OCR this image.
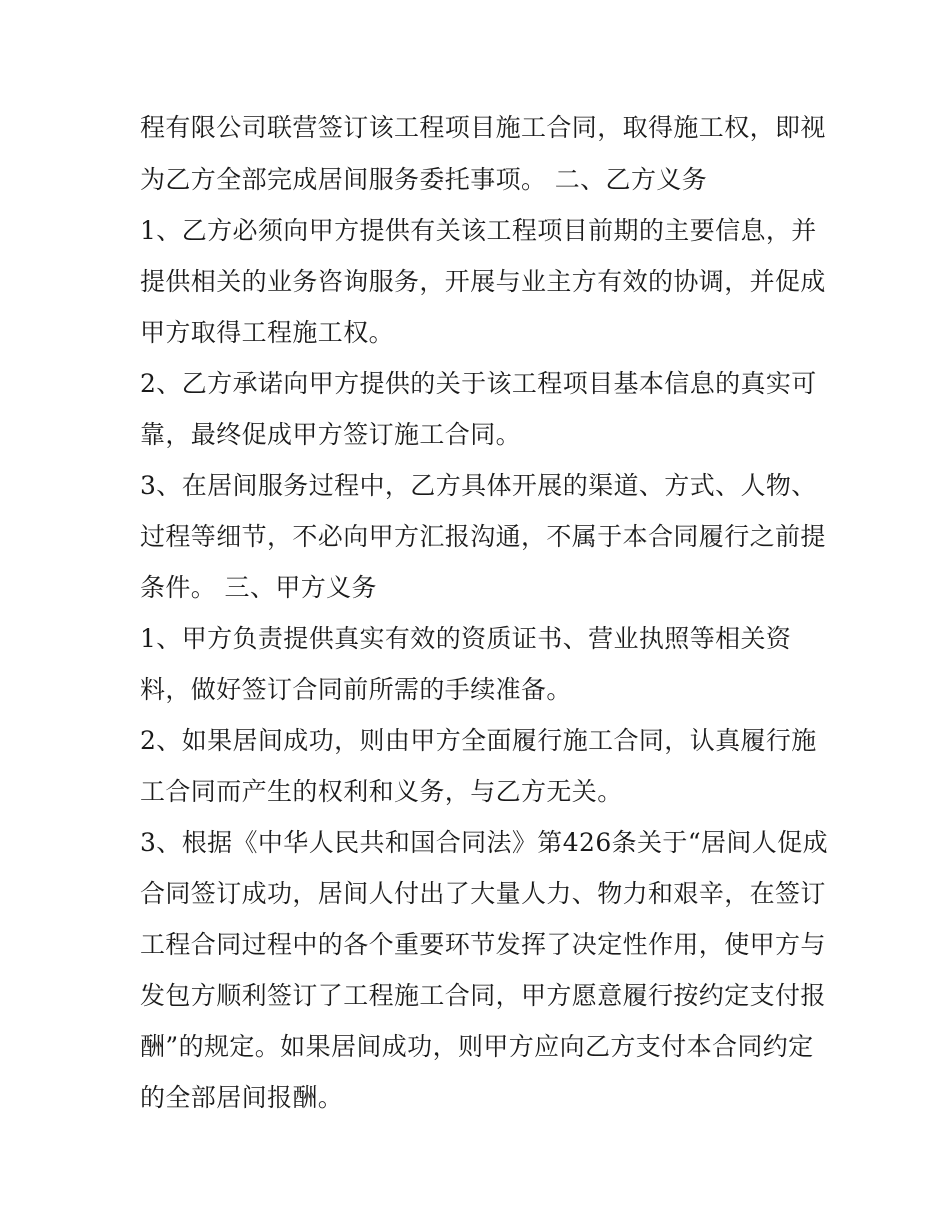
程有限公司联营签订该工程项目施工合同，取得施工权，即视
为乙方全部完成居间服务委托事项。 二、乙方义务
1、乙方必须向甲方提供有关该工程项目前期的主要信息，并
提供相关的业务咨询服务，开展与业主方有效的协调，并促成
甲方取得工程施工权。
2、乙方承诺向甲方提供的关于该工程项目基本信息的真实可
靠，最终促成甲方签订施工合同。
3、在居间服务过程中，乙方具体开展的渠道、方式、人物、
过程等细节，不必向甲方汇报沟通，不属于本合同履行之前提
条件。 三、甲方义务
1、甲方负责提供真实有效的资质证书、营业执照等相关资
料，做好签订合同前所需的手续准备。
2、如果居间成功，则由甲方全面履行施工合同，认真履行施
工合同而产生的权利和义务，与乙方无关。
3、根据《中华人民共和国合同法》第426条关于“居间人促成
合同签订成功，居间人付出了大量人力、物力和艰辛，在签订
工程合同过程中的各个重要环节发挥了决定性作用，使甲方与
发包方顺利签订了工程施工合同，甲方愿意履行按约定支付报
酬”的规定。如果居间成功，则甲方应向乙方支付本合同约定
的全部居间报酬。
